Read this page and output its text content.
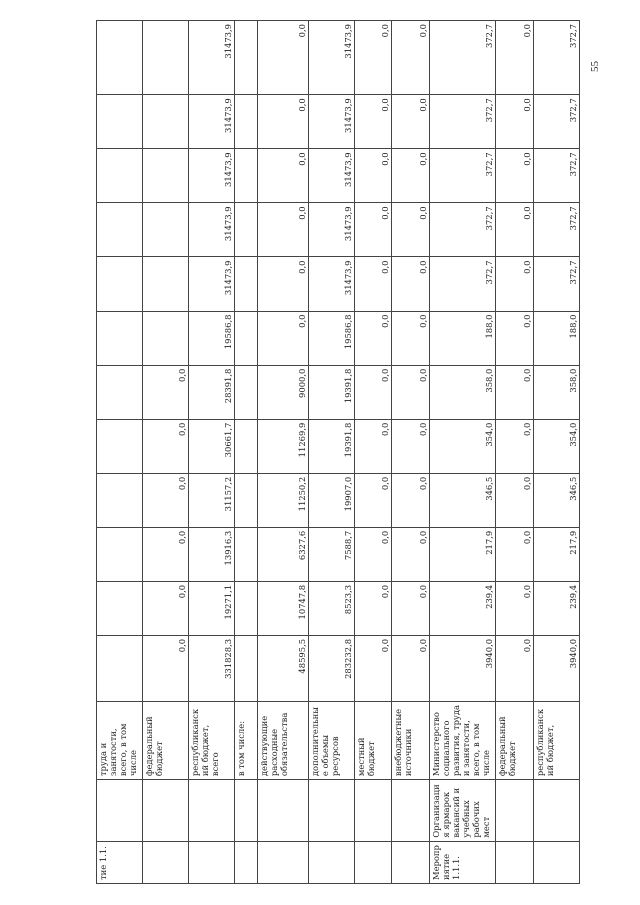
тие 1.1.		труда и занятости, всего, в том числе												
		федеральный бюджет	0,0	0,0	0,0	0,0	0,0	0,0						
		республиканский бюджет, всего	331828,3	19271,1	13916,3	31157,2	30661,7	28391,8	19586,8	31473,9	31473,9	31473,9	31473,9	31473,9
		в том числе:												
		действующие расходные обязательства	48595,5	10747,8	6327,6	11250,2	11269,9	9000,0	0,0	0,0	0,0	0,0	0,0	0,0
		дополнительные объемы ресурсов	283232,8	8523,3	7588,7	19907,0	19391,8	19391,8	19586,8	31473,9	31473,9	31473,9	31473,9	31473,9
		местный бюджет	0,0	0,0	0,0	0,0	0,0	0,0	0,0	0,0	0,0	0,0	0,0	0,0
		внебюджетные источники	0,0	0,0	0,0	0,0	0,0	0,0	0,0	0,0	0,0	0,0	0,0	0,0
Мероприятие 1.1.1.	Организация ярмарок вакансий и учебных рабочих мест	Министерство социального развития, труда и занятости, всего, в том числе	3940,0	239,4	217,9	346,5	354,0	358,0	188,0	372,7	372,7	372,7	372,7	372,7
		федеральный бюджет	0,0	0,0	0,0	0,0	0,0	0,0	0,0	0,0	0,0	0,0	0,0	0,0
		республиканский бюджет,	3940,0	239,4	217,9	346,5	354,0	358,0	188,0	372,7	372,7	372,7	372,7	372,7
55
